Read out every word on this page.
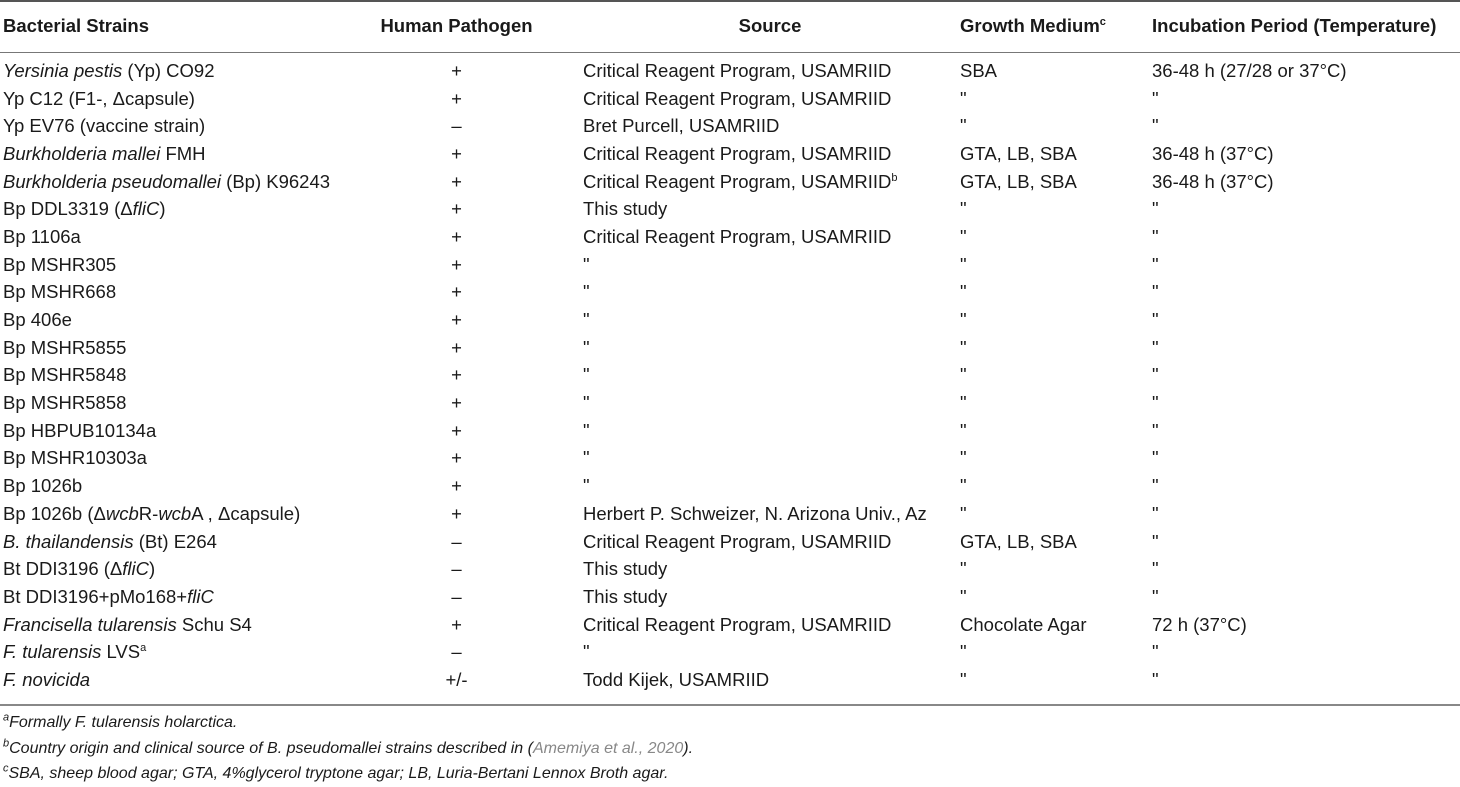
Bacterial Strains	Human Pathogen	Source	Growth Medium$^c$	Incubation Period (Temperature)
Yersinia pestis (Yp) CO92	+	Critical Reagent Program, USAMRIID	SBA	36-48 h (27/28 or 37°C)
Yp C12 (F1-, Δcapsule)	+	Critical Reagent Program, USAMRIID	"	"
Yp EV76 (vaccine strain)	–	Bret Purcell, USAMRIID	"	"
Burkholderia mallei FMH	+	Critical Reagent Program, USAMRIID	GTA, LB, SBA	36-48 h (37°C)
Burkholderia pseudomallei (Bp) K96243	+	Critical Reagent Program, USAMRIID$^b$	GTA, LB, SBA	36-48 h (37°C)
Bp DDL3319 (ΔfliC)	+	This study	"	"
Bp 1106a	+	Critical Reagent Program, USAMRIID	"	"
Bp MSHR305	+	"	"	"
Bp MSHR668	+	"	"	"
Bp 406e	+	"	"	"
Bp MSHR5855	+	"	"	"
Bp MSHR5848	+	"	"	"
Bp MSHR5858	+	"	"	"
Bp HBPUB10134a	+	"	"	"
Bp MSHR10303a	+	"	"	"
Bp 1026b	+	"	"	"
Bp 1026b (ΔwcbR-wcbA , Δcapsule)	+	Herbert P. Schweizer, N. Arizona Univ., Az	"	"
B. thailandensis (Bt) E264	–	Critical Reagent Program, USAMRIID	GTA, LB, SBA	"
Bt DDI3196 (ΔfliC)	–	This study	"	"
Bt DDI3196+pMo168+fliC	–	This study	"	"
Francisella tularensis Schu S4	+	Critical Reagent Program, USAMRIID	Chocolate Agar	72 h (37°C)
F. tularensis LVS$^a$	–	"	"	"
F. novicida	+/-	Todd Kijek, USAMRIID	"	"
$^a$Formally F. tularensis holarctica.
$^b$Country origin and clinical source of B. pseudomallei strains described in (Amemiya et al., 2020).
$^c$SBA, sheep blood agar; GTA, 4%glycerol tryptone agar; LB, Luria-Bertani Lennox Broth agar.
